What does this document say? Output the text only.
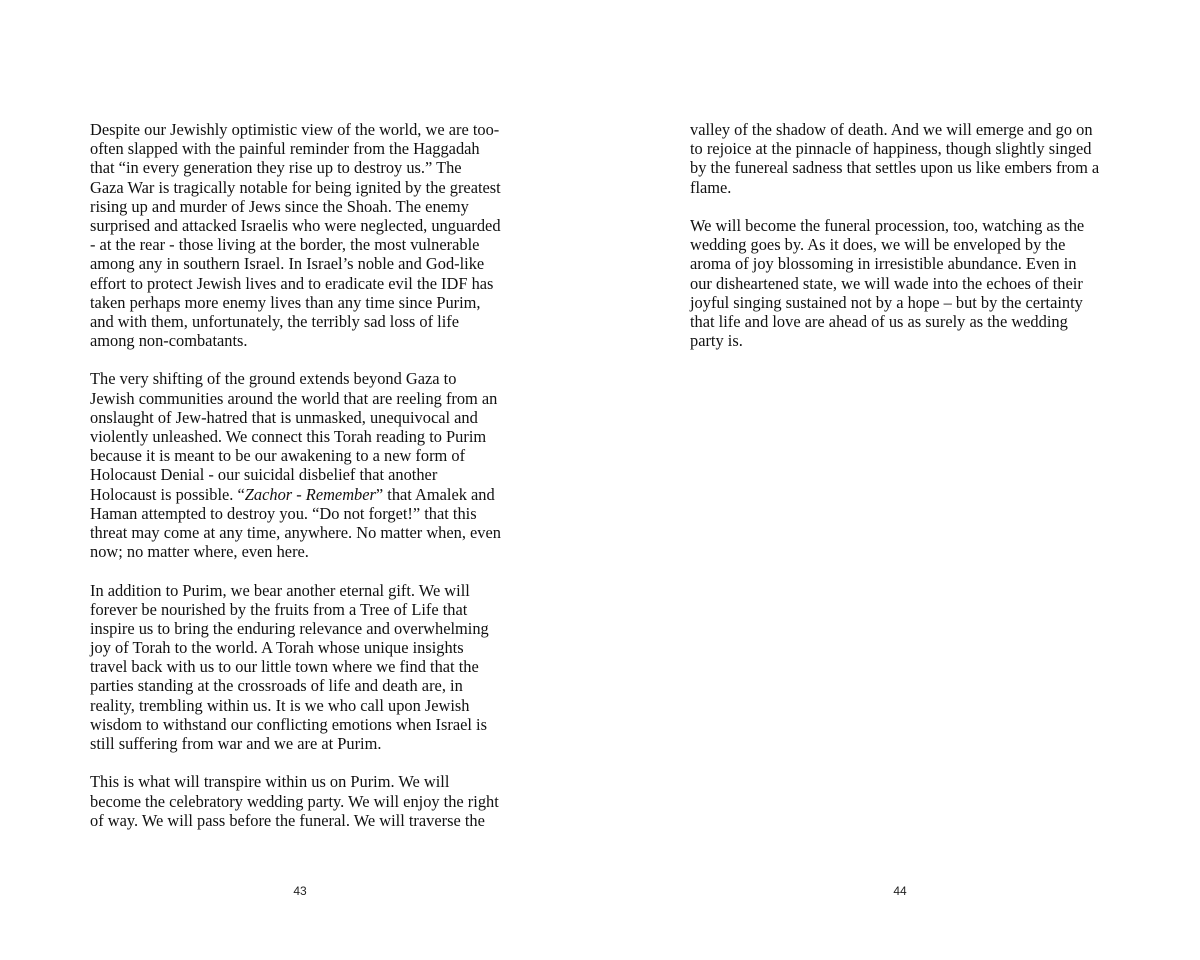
Despite our Jewishly optimistic view of the world, we are too-
often slapped with the painful reminder from the Haggadah
that “in every generation they rise up to destroy us.” The
Gaza War is tragically notable for being ignited by the greatest
rising up and murder of Jews since the Shoah. The enemy
surprised and attacked Israelis who were neglected, unguarded
- at the rear - those living at the border, the most vulnerable
among any in southern Israel. In Israel’s noble and God-like
effort to protect Jewish lives and to eradicate evil the IDF has
taken perhaps more enemy lives than any time since Purim,
and with them, unfortunately, the terribly sad loss of life
among non-combatants.
The very shifting of the ground extends beyond Gaza to
Jewish communities around the world that are reeling from an
onslaught of Jew-hatred that is unmasked, unequivocal and
violently unleashed. We connect this Torah reading to Purim
because it is meant to be our awakening to a new form of
Holocaust Denial - our suicidal disbelief that another
Holocaust is possible. “Zachor - Remember” that Amalek and
Haman attempted to destroy you. “Do not forget!” that this
threat may come at any time, anywhere. No matter when, even
now; no matter where, even here.
In addition to Purim, we bear another eternal gift. We will
forever be nourished by the fruits from a Tree of Life that
inspire us to bring the enduring relevance and overwhelming
joy of Torah to the world. A Torah whose unique insights
travel back with us to our little town where we find that the
parties standing at the crossroads of life and death are, in
reality, trembling within us. It is we who call upon Jewish
wisdom to withstand our conflicting emotions when Israel is
still suffering from war and we are at Purim.
This is what will transpire within us on Purim. We will
become the celebratory wedding party. We will enjoy the right
of way. We will pass before the funeral. We will traverse the
43
valley of the shadow of death. And we will emerge and go on
to rejoice at the pinnacle of happiness, though slightly singed
by the funereal sadness that settles upon us like embers from a
flame.
We will become the funeral procession, too, watching as the
wedding goes by. As it does, we will be enveloped by the
aroma of joy blossoming in irresistible abundance. Even in
our disheartened state, we will wade into the echoes of their
joyful singing sustained not by a hope – but by the certainty
that life and love are ahead of us as surely as the wedding
party is.
44
